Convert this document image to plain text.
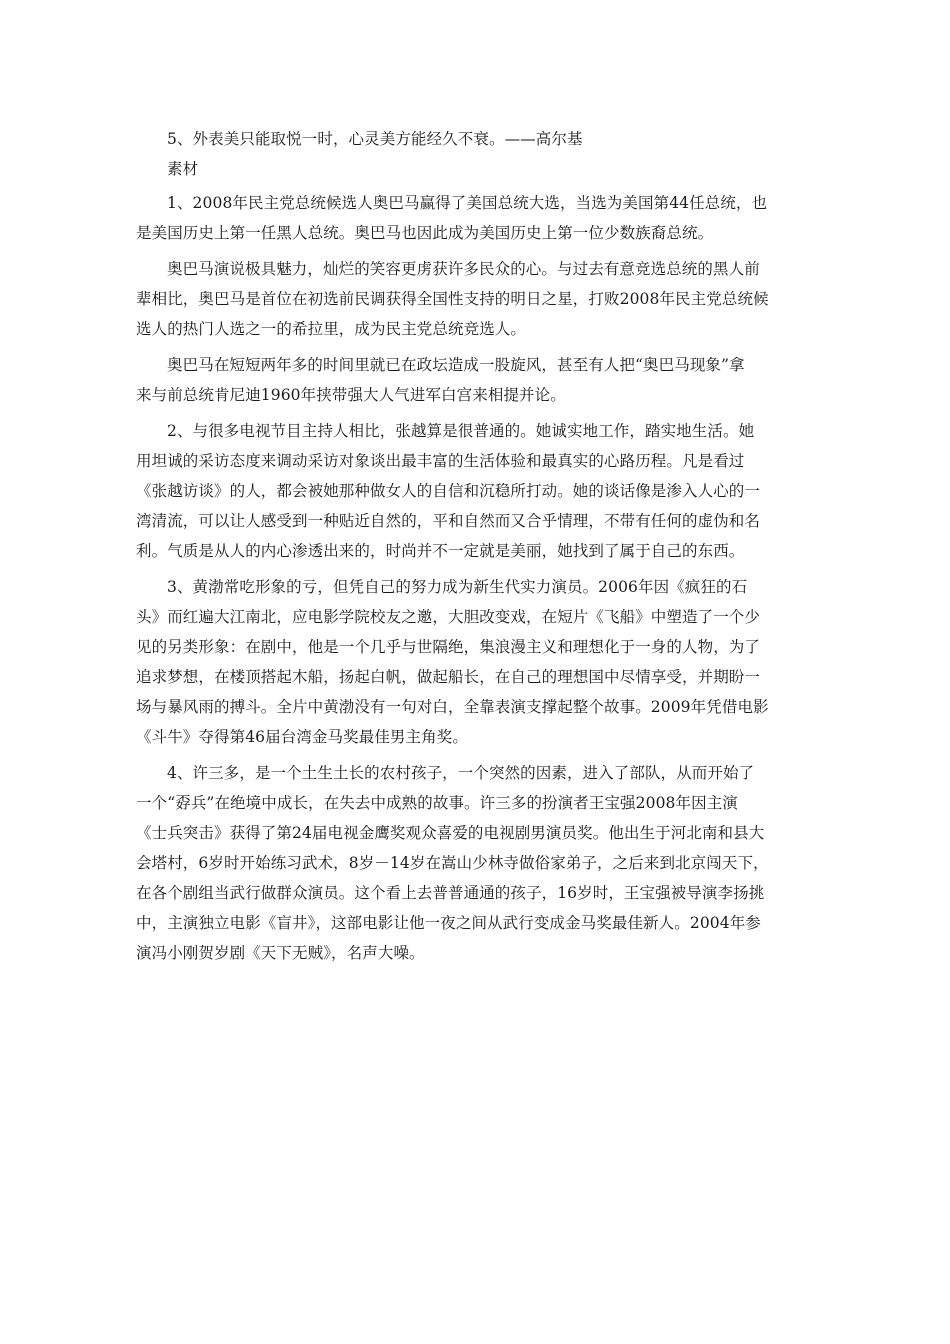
5、外表美只能取悦一时，心灵美方能经久不衰。——高尔基
素材
1、2008年民主党总统候选人奥巴马赢得了美国总统大选，当选为美国第44任总统，也
是美国历史上第一任黑人总统。奥巴马也因此成为美国历史上第一位少数族裔总统。
奥巴马演说极具魅力，灿烂的笑容更虏获许多民众的心。与过去有意竞选总统的黑人前
辈相比，奥巴马是首位在初选前民调获得全国性支持的明日之星，打败2008年民主党总统候
选人的热门人选之一的希拉里，成为民主党总统竞选人。
奥巴马在短短两年多的时间里就已在政坛造成一股旋风，甚至有人把“奥巴马现象”拿
来与前总统肯尼迪1960年挟带强大人气进军白宫来相提并论。
2、与很多电视节目主持人相比，张越算是很普通的。她诚实地工作，踏实地生活。她
用坦诚的采访态度来调动采访对象谈出最丰富的生活体验和最真实的心路历程。凡是看过
《张越访谈》的人，都会被她那种做女人的自信和沉稳所打动。她的谈话像是渗入人心的一
湾清流，可以让人感受到一种贴近自然的，平和自然而又合乎情理，不带有任何的虚伪和名
利。气质是从人的内心渗透出来的，时尚并不一定就是美丽，她找到了属于自己的东西。
3、黄渤常吃形象的亏，但凭自己的努力成为新生代实力演员。2006年因《疯狂的石
头》而红遍大江南北，应电影学院校友之邀，大胆改变戏，在短片《飞船》中塑造了一个少
见的另类形象：在剧中，他是一个几乎与世隔绝，集浪漫主义和理想化于一身的人物，为了
追求梦想，在楼顶搭起木船，扬起白帆，做起船长，在自己的理想国中尽情享受，并期盼一
场与暴风雨的搏斗。全片中黄渤没有一句对白，全靠表演支撑起整个故事。2009年凭借电影
《斗牛》夺得第46届台湾金马奖最佳男主角奖。
4、许三多，是一个土生土长的农村孩子，一个突然的因素，进入了部队，从而开始了
一个“孬兵”在绝境中成长，在失去中成熟的故事。许三多的扮演者王宝强2008年因主演
《士兵突击》获得了第24届电视金鹰奖观众喜爱的电视剧男演员奖。他出生于河北南和县大
会塔村，6岁时开始练习武术，8岁－14岁在嵩山少林寺做俗家弟子，之后来到北京闯天下，
在各个剧组当武行做群众演员。这个看上去普普通通的孩子，16岁时，王宝强被导演李扬挑
中，主演独立电影《盲井》，这部电影让他一夜之间从武行变成金马奖最佳新人。2004年参
演冯小刚贺岁剧《天下无贼》，名声大噪。
